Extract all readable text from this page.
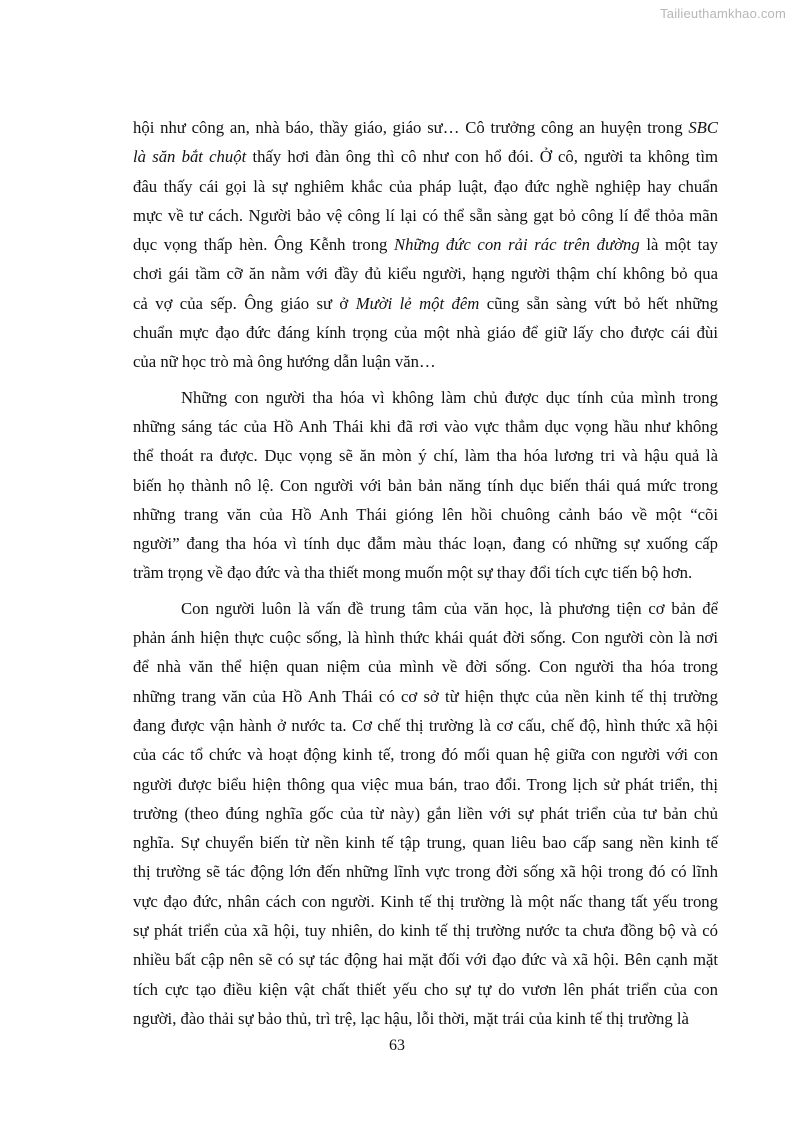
Tailieuthamkhao.com
hội như công an, nhà báo, thầy giáo, giáo sư… Cô trưởng công an huyện trong SBC
là săn bắt chuột thấy hơi đàn ông thì cô như con hổ đói. Ở cô, người ta không tìm
đâu thấy cái gọi là sự nghiêm khắc của pháp luật, đạo đức nghề nghiệp hay chuẩn
mực về tư cách. Người bảo vệ công lí lại có thể sẵn sàng gạt bỏ công lí để thỏa mãn
dục vọng thấp hèn. Ông Kễnh trong Những đức con rải rác trên đường là một tay
chơi gái tầm cỡ ăn nằm với đầy đủ kiểu người, hạng người thậm chí không bỏ qua
cả vợ của sếp. Ông giáo sư ở Mười lẻ một đêm cũng sẵn sàng vứt bỏ hết những
chuẩn mực đạo đức đáng kính trọng của một nhà giáo để giữ lấy cho được cái đùi
của nữ học trò mà ông hướng dẫn luận văn…
Những con người tha hóa vì không làm chủ được dục tính của mình trong
những sáng tác của Hồ Anh Thái khi đã rơi vào vực thẳm dục vọng hầu như không
thể thoát ra được. Dục vọng sẽ ăn mòn ý chí, làm tha hóa lương tri và hậu quả là
biến họ thành nô lệ. Con người với bản bản năng tính dục biến thái quá mức trong
những trang văn của Hồ Anh Thái gióng lên hồi chuông cảnh báo về một “cõi
người” đang tha hóa vì tính dục đẫm màu thác loạn, đang có những sự xuống cấp
trầm trọng về đạo đức và tha thiết mong muốn một sự thay đổi tích cực tiến bộ hơn.
Con người luôn là vấn đề trung tâm của văn học, là phương tiện cơ bản để
phản ánh hiện thực cuộc sống, là hình thức khái quát đời sống. Con người còn là nơi
để nhà văn thể hiện quan niệm của mình về đời sống. Con người tha hóa trong
những trang văn của Hồ Anh Thái có cơ sở từ hiện thực của nền kinh tế thị trường
đang được vận hành ở nước ta. Cơ chế thị trường là cơ cấu, chế độ, hình thức xã hội
của các tổ chức và hoạt động kinh tế, trong đó mối quan hệ giữa con người với con
người được biểu hiện thông qua việc mua bán, trao đổi. Trong lịch sử phát triển, thị
trường (theo đúng nghĩa gốc của từ này) gắn liền với sự phát triển của tư bản chủ
nghĩa. Sự chuyển biến từ nền kinh tế tập trung, quan liêu bao cấp sang nền kinh tế
thị trường sẽ tác động lớn đến những lĩnh vực trong đời sống xã hội trong đó có lĩnh
vực đạo đức, nhân cách con người. Kinh tế thị trường là một nấc thang tất yếu trong
sự phát triển của xã hội, tuy nhiên, do kinh tế thị trường nước ta chưa đồng bộ và có
nhiều bất cập nên sẽ có sự tác động hai mặt đối với đạo đức và xã hội. Bên cạnh mặt
tích cực tạo điều kiện vật chất thiết yếu cho sự tự do vươn lên phát triển của con
người, đào thải sự bảo thủ, trì trệ, lạc hậu, lỗi thời, mặt trái của kinh tế thị trường là
63
